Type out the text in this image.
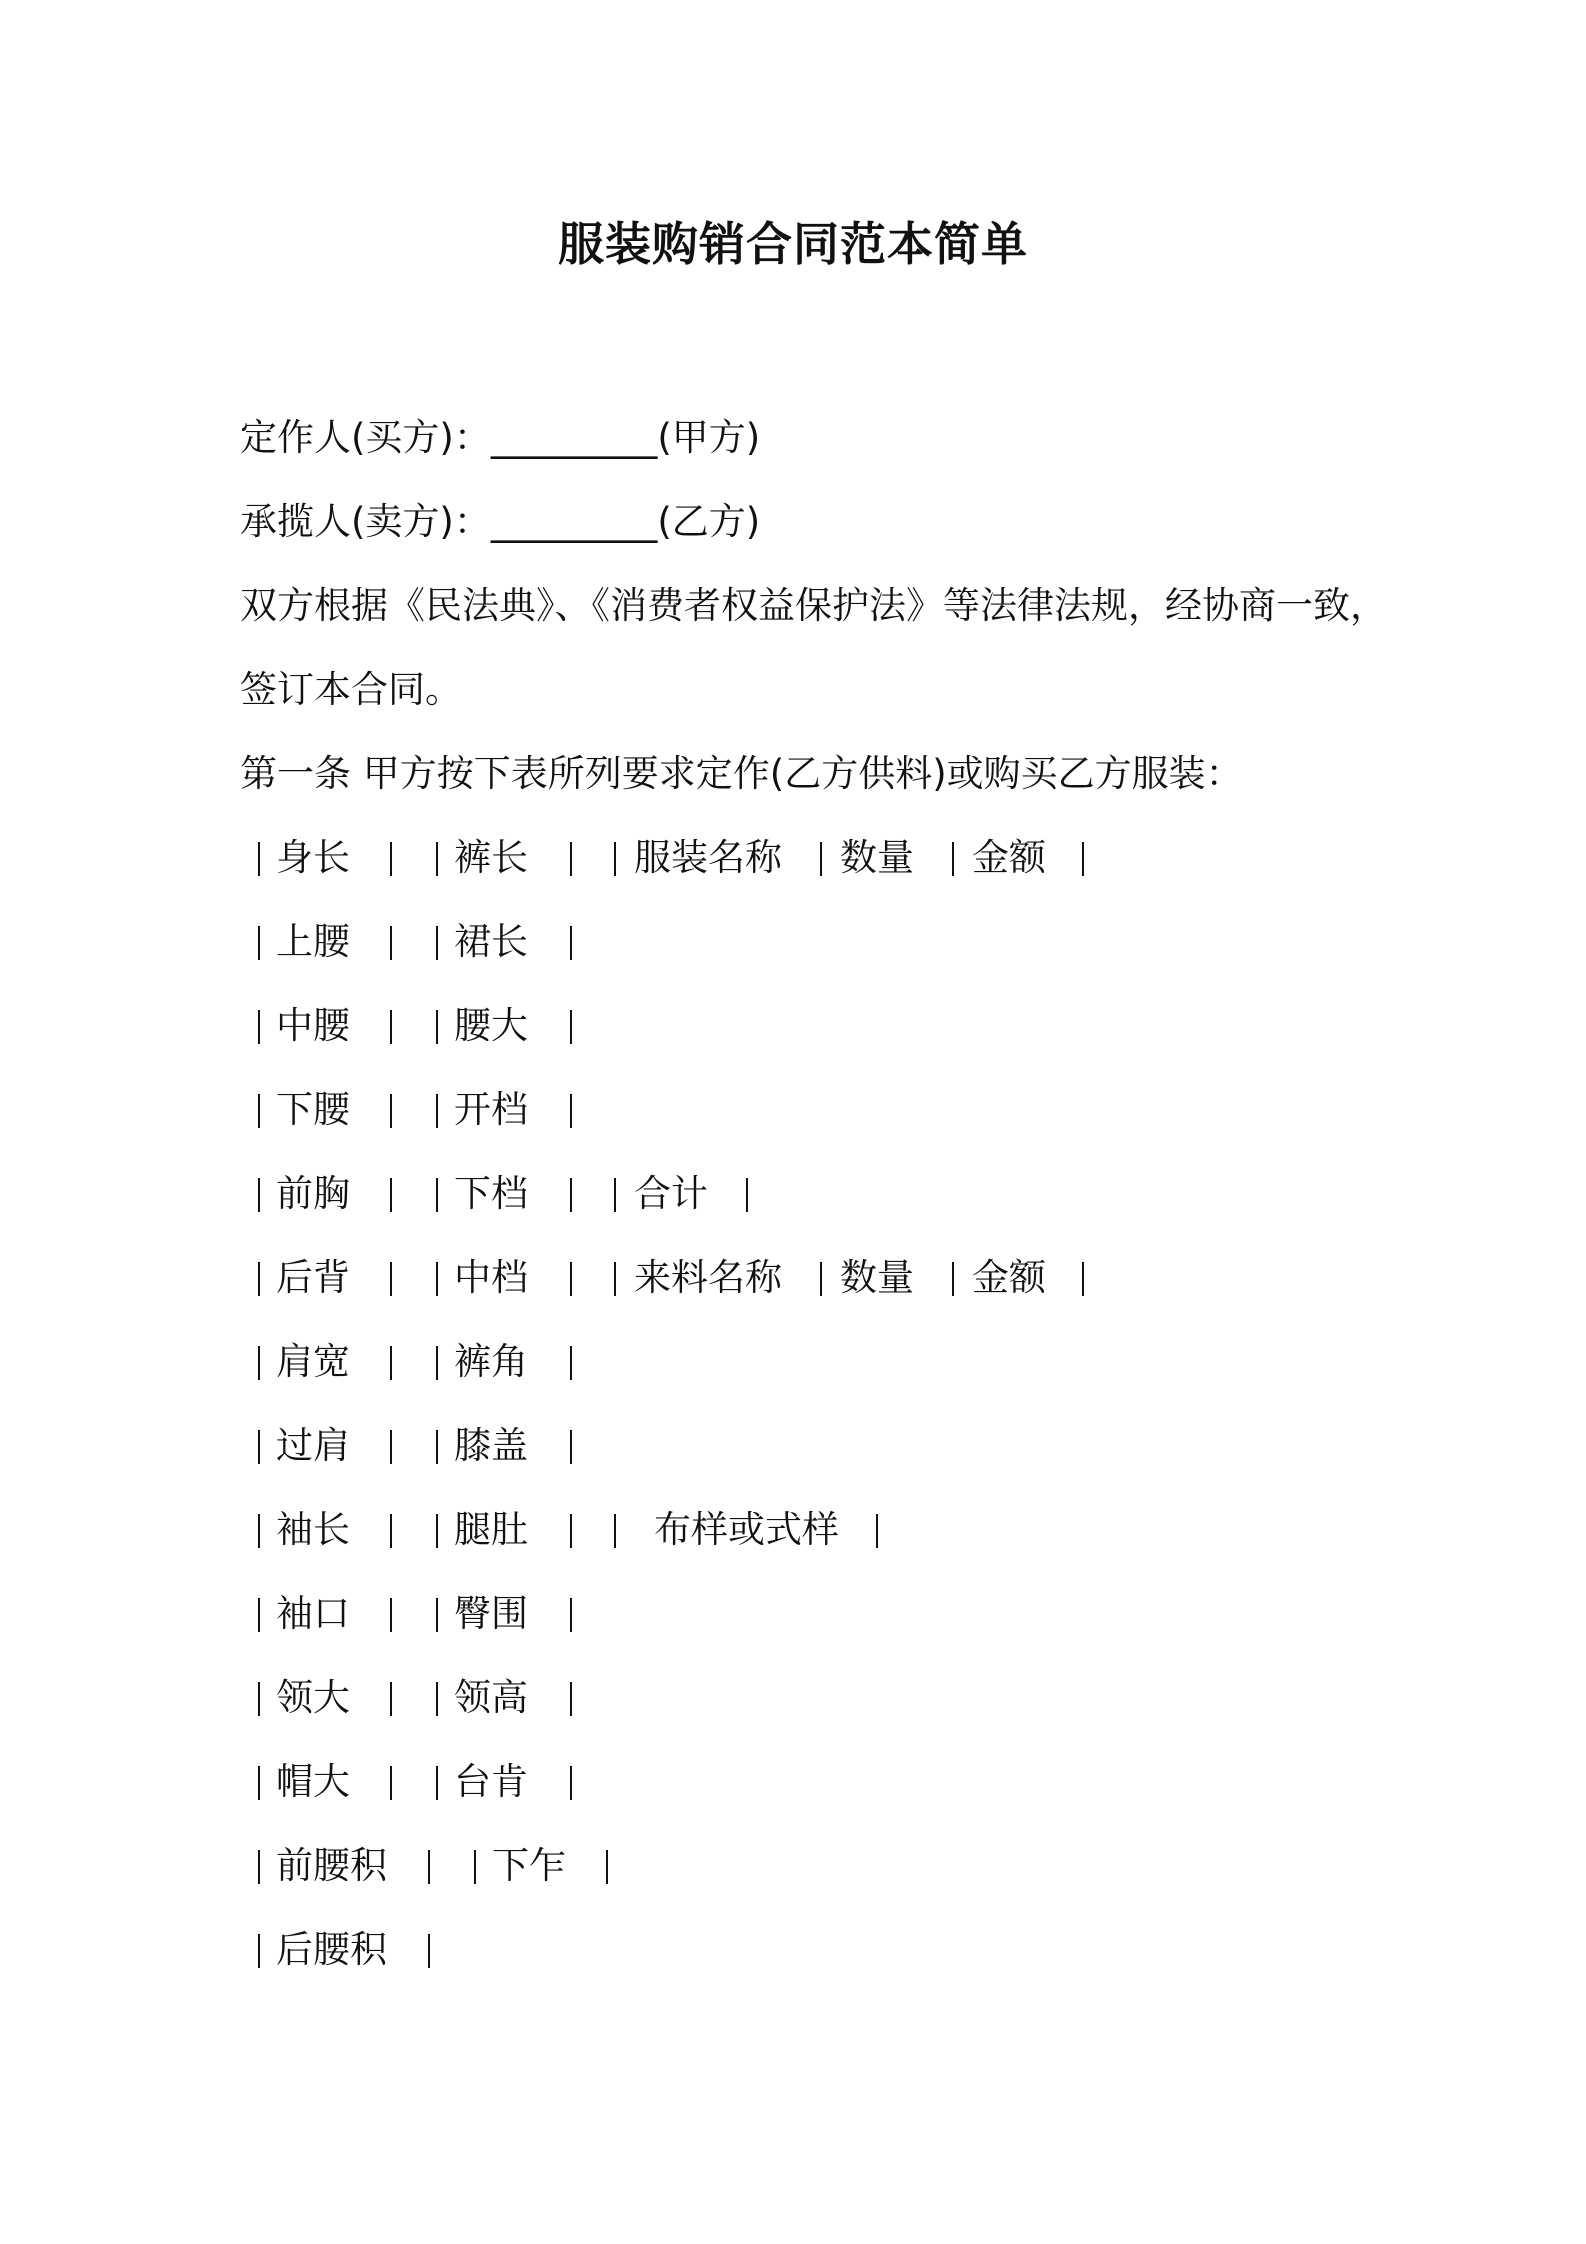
服装购销合同范本简单
定作人(买方)：_________(甲方)
承揽人(卖方)：_________(乙方)
双方根据《民法典》、《消费者权益保护法》等法律法规，经协商一致，
签订本合同。
第一条 甲方按下表所列要求定作(乙方供料)或购买乙方服装：
身长	裤长	服装名称 数量 金额
上腰	裙长
中腰	腰大
下腰	开档
前胸	下档	合计
后背	中档	来料名称 数量 金额
肩宽	裤角
过肩	膝盖
袖长	腿肚	布样或式样
袖口	臀围
领大	领高
帽大	台肯
前腰积	下乍
后腰积
